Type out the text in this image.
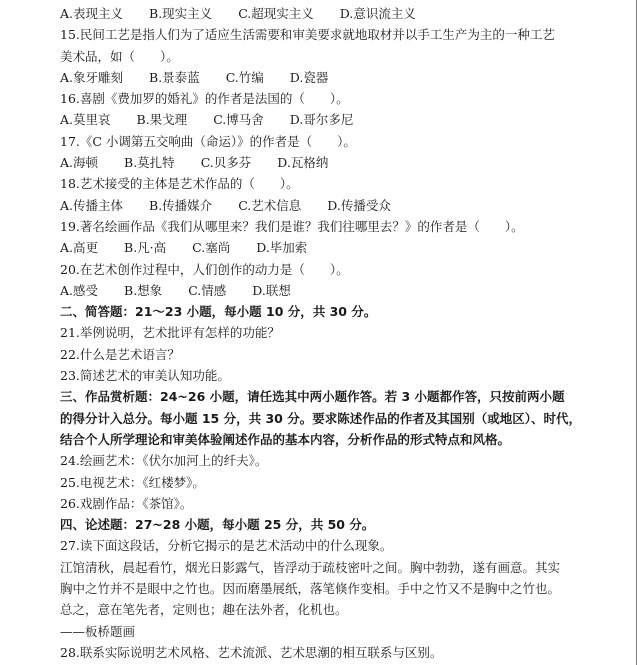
A.表现主义 B.现实主义 C.超现实主义 D.意识流主义
15.民间工艺是指人们为了适应生活需要和审美要求就地取材并以手工生产为主的一种工艺
美术品，如（　　）。
A.象牙雕刻 B.景泰蓝 C.竹编 D.瓷器
16.喜剧《费加罗的婚礼》的作者是法国的（　　）。
A.莫里哀 B.果戈理 C.博马舍 D.哥尔多尼
17.《C 小调第五交响曲（命运）》的作者是（　　）。
A.海顿 B.莫扎特 C.贝多芬 D.瓦格纳
18.艺术接受的主体是艺术作品的（　　）。
A.传播主体 B.传播媒介 C.艺术信息 D.传播受众
19.著名绘画作品《我们从哪里来？我们是谁？我们往哪里去？》的作者是（　　）。
A.高更 B.凡·高 C.塞尚 D.毕加索
20.在艺术创作过程中，人们创作的动力是（　　）。
A.感受 B.想象 C.情感 D.联想
二、简答题：21～23 小题，每小题 10 分，共 30 分。
21.举例说明，艺术批评有怎样的功能？
22.什么是艺术语言？
23.简述艺术的审美认知功能。
三、作品赏析题：24~26 小题，请任选其中两小题作答。若 3 小题都作答，只按前两小题
的得分计入总分。每小题 15 分，共 30 分。要求陈述作品的作者及其国别（或地区）、时代，
结合个人所学理论和审美体验阐述作品的基本内容，分析作品的形式特点和风格。
24.绘画艺术：《伏尔加河上的纤夫》。
25.电视艺术：《红楼梦》。
26.戏剧作品：《茶馆》。
四、论述题：27~28 小题，每小题 25 分，共 50 分。
27.读下面这段话，分析它揭示的是艺术活动中的什么现象。
江馆清秋，晨起看竹，烟光日影露气，皆浮动于疏枝密叶之间。胸中勃勃，遂有画意。其实
胸中之竹并不是眼中之竹也。因而磨墨展纸，落笔倏作变相。手中之竹又不是胸中之竹也。
总之，意在笔先者，定则也；趣在法外者，化机也。
——板桥题画
28.联系实际说明艺术风格、艺术流派、艺术思潮的相互联系与区别。
